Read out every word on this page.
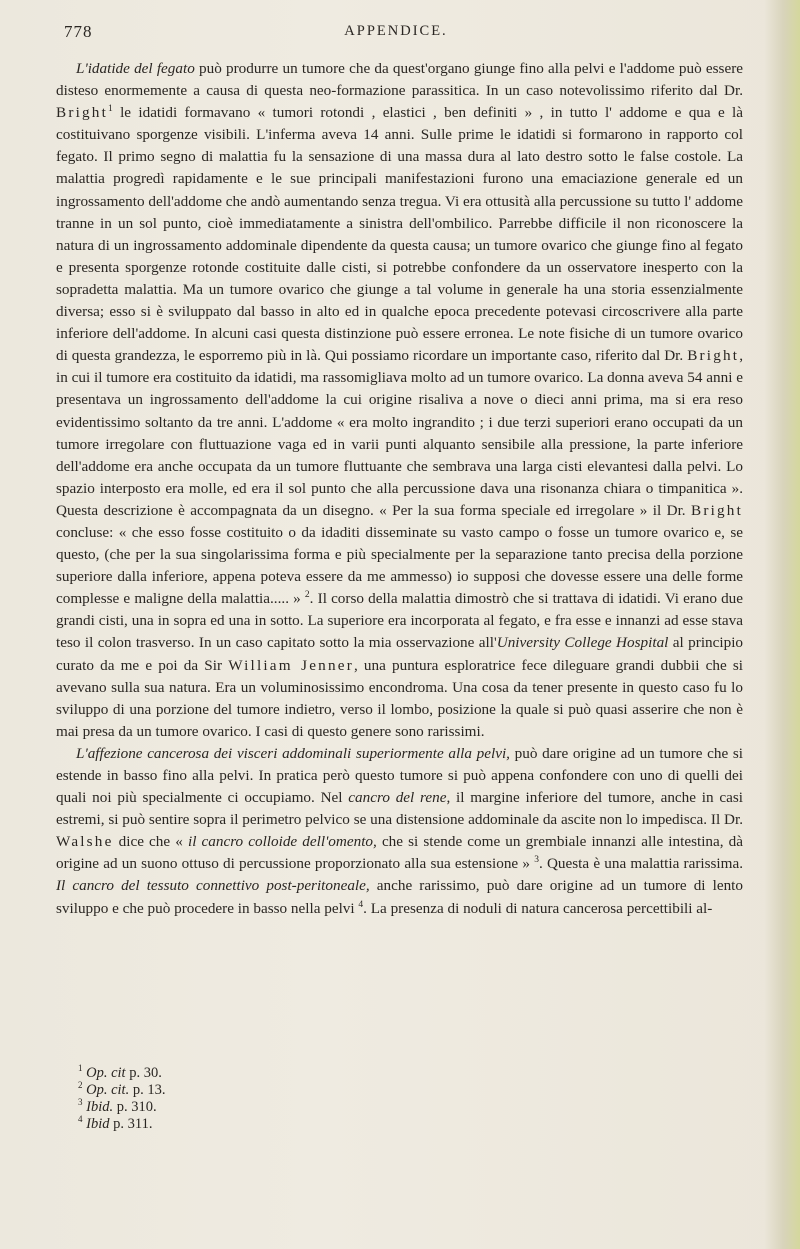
778	APPENDICE.

L'idatide del fegato può produrre un tumore che da quest'organo giunge fino alla pelvi e l'addome può essere disteso enormemente a causa di questa neo-formazione parassitica. In un caso notevolissimo riferito dal Dr. Bright$^1$ le idatidi formavano « tumori rotondi , elastici , ben definiti » , in tutto l' addome e qua e là costituivano sporgenze visibili. L'inferma aveva 14 anni. Sulle prime le idatidi si formarono in rapporto col fegato. Il primo segno di malattia fu la sensazione di una massa dura al lato destro sotto le false costole. La malattia progredì rapidamente e le sue principali manifestazioni furono una emaciazione generale ed un ingrossamento dell'addome che andò aumentando senza tregua. Vi era ottusità alla percussione su tutto l' addome tranne in un sol punto, cioè immediatamente a sinistra dell'ombilico. Parrebbe difficile il non riconoscere la natura di un ingrossamento addominale dipendente da questa causa; un tumore ovarico che giunge fino al fegato e presenta sporgenze rotonde costituite dalle cisti, si potrebbe confondere da un osservatore inesperto con la sopradetta malattia. Ma un tumore ovarico che giunge a tal volume in generale ha una storia essenzialmente diversa; esso si è sviluppato dal basso in alto ed in qualche epoca precedente potevasi circoscrivere alla parte inferiore dell'addome. In alcuni casi questa distinzione può essere erronea. Le note fisiche di un tumore ovarico di questa grandezza, le esporremo più in là. Qui possiamo ricordare un importante caso, riferito dal Dr. Bright, in cui il tumore era costituito da idatidi, ma rassomigliava molto ad un tumore ovarico. La donna aveva 54 anni e presentava un ingrossamento dell'addome la cui origine risaliva a nove o dieci anni prima, ma si era reso evidentissimo soltanto da tre anni. L'addome « era molto ingrandito ; i due terzi superiori erano occupati da un tumore irregolare con fluttuazione vaga ed in varii punti alquanto sensibile alla pressione, la parte inferiore dell'addome era anche occupata da un tumore fluttuante che sembrava una larga cisti elevantesi dalla pelvi. Lo spazio interposto era molle, ed era il sol punto che alla percussione dava una risonanza chiara o timpanitica ». Questa descrizione è accompagnata da un disegno. « Per la sua forma speciale ed irregolare » il Dr. Bright concluse: « che esso fosse costituito o da idaditi disseminate su vasto campo o fosse un tumore ovarico e, se questo, (che per la sua singolarissima forma e più specialmente per la separazione tanto precisa della porzione superiore dalla inferiore, appena poteva essere da me ammesso) io supposi che dovesse essere una delle forme complesse e maligne della malattia..... » $^2$. Il corso della malattia dimostrò che si trattava di idatidi. Vi erano due grandi cisti, una in sopra ed una in sotto. La superiore era incorporata al fegato, e fra esse e innanzi ad esse stava teso il colon trasverso. In un caso capitato sotto la mia osservazione all'University College Hospital al principio curato da me e poi da Sir William Jenner, una puntura esploratrice fece dileguare grandi dubbii che si avevano sulla sua natura. Era un voluminosissimo encondroma. Una cosa da tener presente in questo caso fu lo sviluppo di una porzione del tumore indietro, verso il lombo, posizione la quale si può quasi asserire che non è mai presa da un tumore ovarico. I casi di questo genere sono rarissimi.

L'affezione cancerosa dei visceri addominali superiormente alla pelvi, può dare origine ad un tumore che si estende in basso fino alla pelvi. In pratica però questo tumore si può appena confondere con uno di quelli dei quali noi più specialmente ci occupiamo. Nel cancro del rene, il margine inferiore del tumore, anche in casi estremi, si può sentire sopra il perimetro pelvico se una distensione addominale da ascite non lo impedisca. Il Dr. Walshe dice che « il cancro colloide dell'omento, che si stende come un grembiale innanzi alle intestina, dà origine ad un suono ottuso di percussione proporzionato alla sua estensione » $^3$. Questa è una malattia rarissima. Il cancro del tessuto connettivo post-peritoneale, anche rarissimo, può dare origine ad un tumore di lento sviluppo e che può procedere in basso nella pelvi $^4$. La presenza di noduli di natura cancerosa percettibili al-

$^1$ Op. cit p. 30.
$^2$ Op. cit. p. 13.
$^3$ Ibid. p. 310.
$^4$ Ibid p. 311.
